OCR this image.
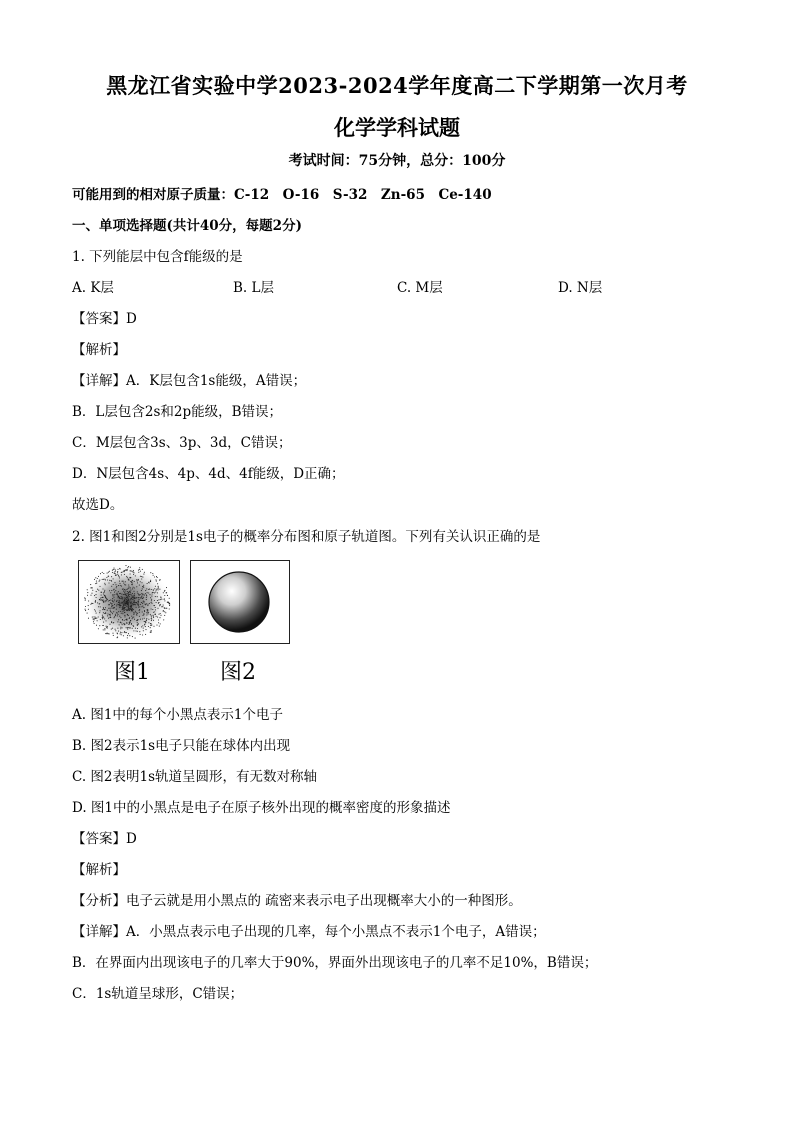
黑龙江省实验中学2023-2024学年度高二下学期第一次月考
化学学科试题
考试时间：75分钟，总分：100分
可能用到的相对原子质量：C-12　O-16　S-32　Zn-65　Ce-140
一、单项选择题(共计40分，每题2分)
1. 下列能层中包含f能级的是
A. K层	B. L层	C. M层	D. N层
【答案】D
【解析】
【详解】A．K层包含1s能级，A错误；
B．L层包含2s和2p能级，B错误；
C．M层包含3s、3p、3d，C错误；
D．N层包含4s、4p、4d、4f能级，D正确；
故选D。
2. 图1和图2分别是1s电子的概率分布图和原子轨道图。下列有关认识正确的是
图1	图2
A. 图1中的每个小黑点表示1个电子
B. 图2表示1s电子只能在球体内出现
C. 图2表明1s轨道呈圆形，有无数对称轴
D. 图1中的小黑点是电子在原子核外出现的概率密度的形象描述
【答案】D
【解析】
【分析】电子云就是用小黑点的 疏密来表示电子出现概率大小的一种图形。
【详解】A．小黑点表示电子出现的几率，每个小黑点不表示1个电子，A错误；
B．在界面内出现该电子的几率大于90%，界面外出现该电子的几率不足10%，B错误；
C．1s轨道呈球形，C错误；
